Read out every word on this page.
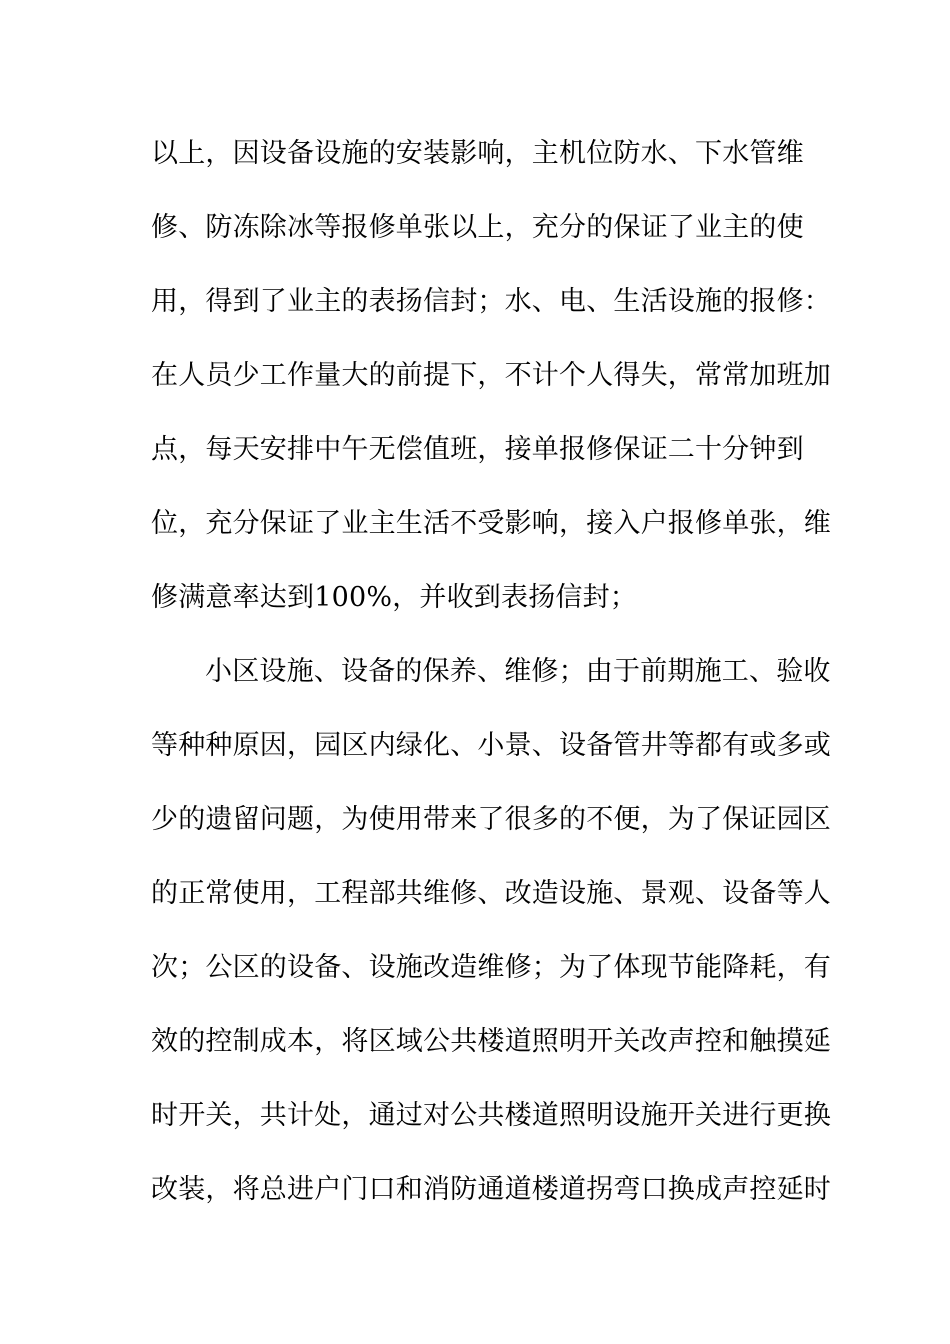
以上，因设备设施的安装影响，主机位防水、下水管维
修、防冻除冰等报修单张以上，充分的保证了业主的使
用，得到了业主的表扬信封；水、电、生活设施的报修：
在人员少工作量大的前提下，不计个人得失，常常加班加
点，每天安排中午无偿值班，接单报修保证二十分钟到
位，充分保证了业主生活不受影响，接入户报修单张，维
修满意率达到100%，并收到表扬信封；
小区设施、设备的保养、维修；由于前期施工、验收
等种种原因，园区内绿化、小景、设备管井等都有或多或
少的遗留问题，为使用带来了很多的不便，为了保证园区
的正常使用，工程部共维修、改造设施、景观、设备等人
次；公区的设备、设施改造维修；为了体现节能降耗，有
效的控制成本，将区域公共楼道照明开关改声控和触摸延
时开关，共计处，通过对公共楼道照明设施开关进行更换
改装，将总进户门口和消防通道楼道拐弯口换成声控延时
